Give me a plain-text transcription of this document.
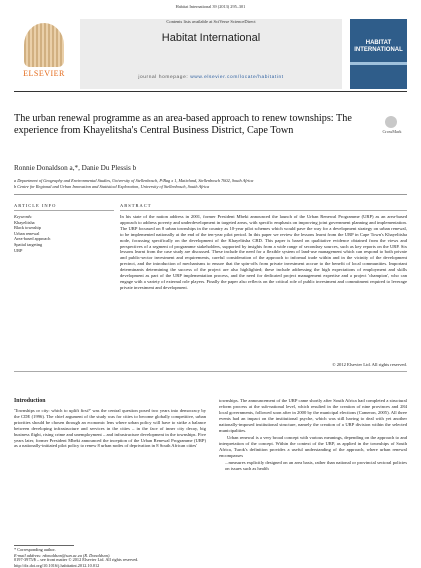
Habitat International 39 (2013) 295–301
ELSEVIER
Contents lists available at SciVerse ScienceDirect
Habitat International
journal homepage: www.elsevier.com/locate/habitatint
HABITAT INTERNATIONAL
The urban renewal programme as an area-based approach to renew townships: The experience from Khayelitsha's Central Business District, Cape Town	CrossMark
Ronnie Donaldson a,*, Danie Du Plessis b
a Department of Geography and Environmental Studies, University of Stellenbosch, P/Bag x 1, Matieland, Stellenbosch 7602, South Africa
b Centre for Regional and Urban Innovation and Statistical Exploration, University of Stellenbosch, South Africa
ARTICLE INFO
Keywords:
Khayelitsha
Black township
Urban renewal
Area-based approach
Spatial targeting
URP
ABSTRACT
In his state of the nation address in 2001, former President Mbeki announced the launch of the Urban Renewal Programme (URP) as an area-based approach to address poverty and underdevelopment in targeted areas, with specific emphasis on improving joint government planning and implementation. The URP focussed on 8 urban townships in the country as 10-year pilot schemes which would pave the way for a development strategy on urban renewal, to be implemented nationally at the end of the ten-year pilot period. In this paper we review the lessons learnt from the URP in Cape Town's Khayelitsha node, focussing specifically on the development of the Khayelitsha CBD. This paper is based on qualitative evidence obtained from the views and perspectives of a segment of programme stakeholders, supported by insights from a wide range of secondary sources, such as key reports on the URP. Six lessons learnt from the case study are discussed. These include the need for a flexible system of land-use management which can respond to both private and public-sector investment and requirements, careful consideration of the approach to informal trade within and in the vicinity of the development precinct, and the introduction of mechanisms to ensure that the spin-offs from private investment accrue to the benefit of local communities. Important determinants determining the success of the project are also highlighted; these include addressing the high expectations of employment and skills development as part of the URP implementation process, and the need for dedicated project management expertise and a project 'champion', who can engage with a variety of external role players. Finally the paper also reflects on the critical role of public investment and commitment required to leverage private investment and development.
© 2012 Elsevier Ltd. All rights reserved.
Introduction
'Townships or city: which to uplift first?' was the central question posed two years into democracy by the CDE (1996). The chief argument of the study was for cities to become globally competitive, urban priorities should be chosen through an economic lens where urban policy will have to strike a balance between developing infrastructure and services in the cities – in the face of inner city decay, big business flight, rising crime and unemployment – and infrastructure development in the townships. Five years later, former President Mbeki announced the inception of the Urban Renewal Programme (URP) as a nationally-initiated pilot policy to renew 8 urban nodes of deprivation in 8 South African cities'

townships. The announcement of the URP came shortly after South Africa had completed a structural reform process at the sub-national level, which resulted in the creation of nine provinces and 284 local governments, followed soon after in 2000 by the municipal elections (Cameron, 2005). All three events had an impact on the institutional psyche, which was still having to deal with yet another nationally-imposed institutional structure, namely the creation of a URP division within the selected municipalities.

Urban renewal is a very broad concept with various meanings, depending on the approach to and interpretation of the concept. Within the context of the URP, as applied in the townships of South Africa, Turok's definition provides a useful understanding of the approach, where urban renewal encompasses

...measures explicitly designed on an area basis, rather than national or provincial sectoral policies on issues such as health

* Corresponding author.
E-mail address: rdonaldson@sun.ac.za (R. Donaldson).
0197-3975/$ – see front matter © 2012 Elsevier Ltd. All rights reserved.
http://dx.doi.org/10.1016/j.habitatint.2012.10.012
